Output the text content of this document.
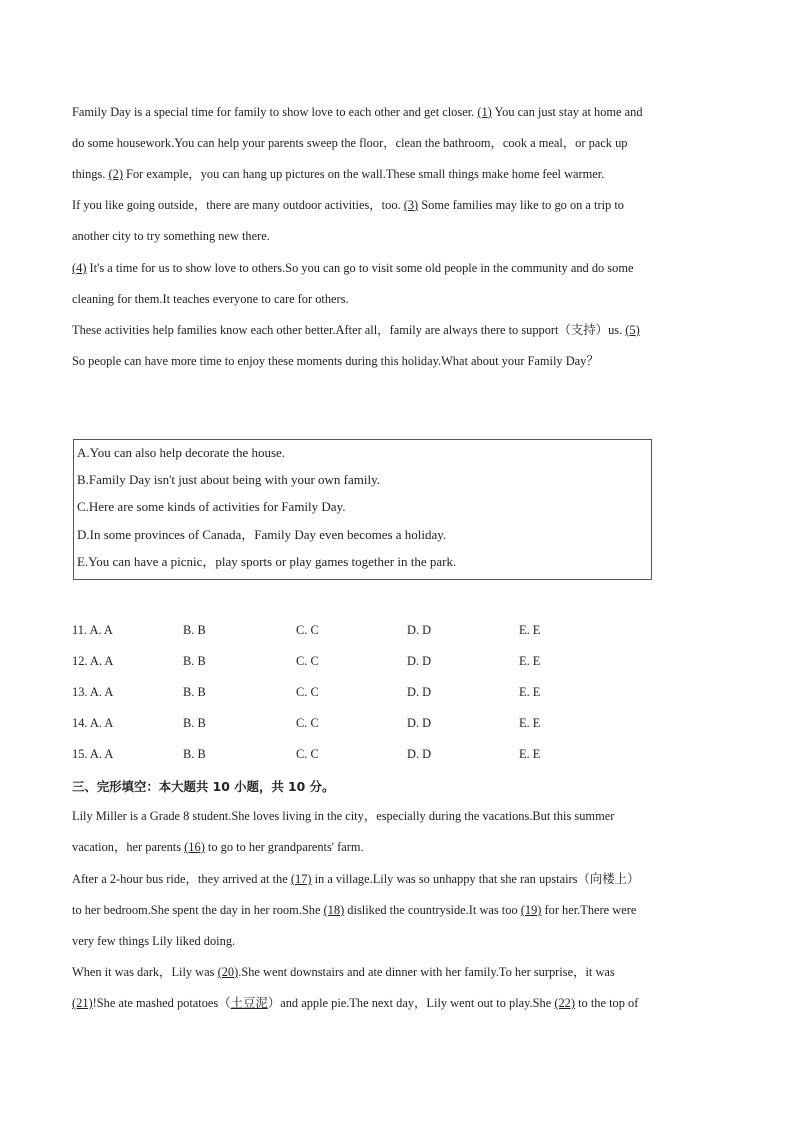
Family Day is a special time for family to show love to each other and get closer. (1) You can just stay at home and
do some housework.You can help your parents sweep the floor，clean the bathroom，cook a meal，or pack up
things. (2) For example，you can hang up pictures on the wall.These small things make home feel warmer.
If you like going outside，there are many outdoor activities，too. (3) Some families may like to go on a trip to
another city to try something new there.
(4) It's a time for us to show love to others.So you can go to visit some old people in the community and do some
cleaning for them.It teaches everyone to care for others.
These activities help families know each other better.After all，family are always there to support（支持）us. (5)
So people can have more time to enjoy these moments during this holiday.What about your Family Day？
A.You can also help decorate the house.
B.Family Day isn't just about being with your own family.
C.Here are some kinds of activities for Family Day.
D.In some provinces of Canada，Family Day even becomes a holiday.
E.You can have a picnic，play sports or play games together in the park.
11. A. A	B. B	C. C	D. D	E. E
12. A. A	B. B	C. C	D. D	E. E
13. A. A	B. B	C. C	D. D	E. E
14. A. A	B. B	C. C	D. D	E. E
15. A. A	B. B	C. C	D. D	E. E
三、完形填空：本大题共 10 小题，共 10 分。
Lily Miller is a Grade 8 student.She loves living in the city，especially during the vacations.But this summer
vacation，her parents (16) to go to her grandparents' farm.
After a 2-hour bus ride，they arrived at the (17) in a village.Lily was so unhappy that she ran upstairs（向楼上）
to her bedroom.She spent the day in her room.She (18) disliked the countryside.It was too (19) for her.There were
very few things Lily liked doing.
When it was dark，Lily was (20).She went downstairs and ate dinner with her family.To her surprise，it was
(21)!She ate mashed potatoes（土豆泥）and apple pie.The next day，Lily went out to play.She (22) to the top of
